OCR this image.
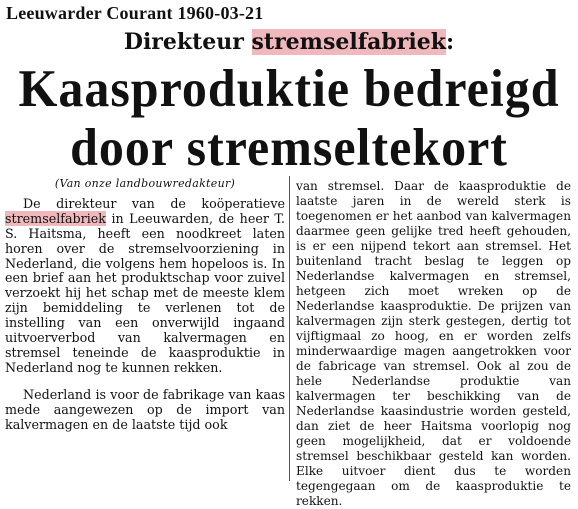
Leeuwarder Courant 1960-03-21
Direkteur stremselfabriek:
Kaasproduktie bedreigd
door stremseltekort

(Van onze landbouwredakteur)

De direkteur van de koöperatieve stremselfabriek in Leeuwarden, de heer T. S. Haitsma, heeft een noodkreet laten horen over de stremselvoorziening in Nederland, die volgens hem hopeloos is. In een brief aan het produktschap voor zuivel verzoekt hij het schap met de meeste klem zijn bemiddeling te verlenen tot de instelling van een onverwijld ingaand uitvoerverbod van kalvermagen en stremsel teneinde de kaasproduktie in Nederland nog te kunnen rekken.

Nederland is voor de fabrikage van kaas mede aangewezen op de import van kalvermagen en de laatste tijd ook

van stremsel. Daar de kaasproduktie de laatste jaren in de wereld sterk is toegenomen er het aanbod van kalvermagen daarmee geen gelijke tred heeft gehouden, is er een nijpend tekort aan stremsel. Het buitenland tracht beslag te leggen op Nederlandse kalvermagen en stremsel, hetgeen zich moet wreken op de Nederlandse kaasproduktie. De prijzen van kalvermagen zijn sterk gestegen, dertig tot vijftigmaal zo hoog, en er worden zelfs minderwaardige magen aangetrokken voor de fabricage van stremsel. Ook al zou de hele Nederlandse produktie van kalvermagen ter beschikking van de Nederlandse kaasindustrie worden gesteld, dan ziet de heer Haitsma voorlopig nog geen mogelijkheid, dat er voldoende stremsel beschikbaar gesteld kan worden. Elke uitvoer dient dus te worden tegengegaan om de kaasproduktie te rekken.
